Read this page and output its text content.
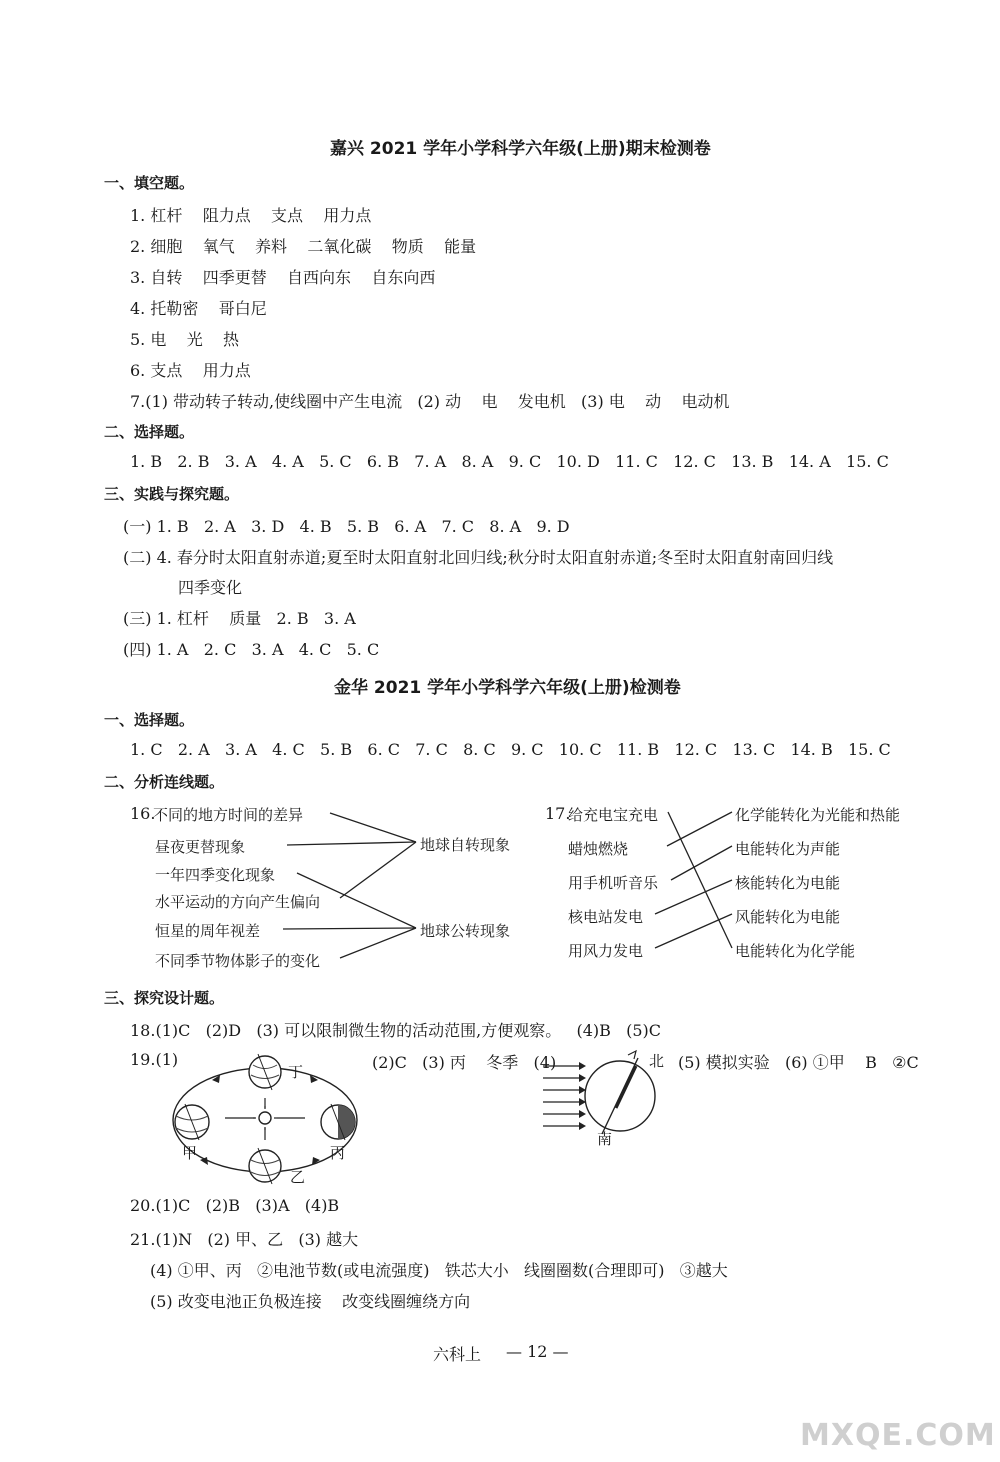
嘉兴 2021 学年小学科学六年级(上册)期末检测卷
一、填空题。
1. 杠杆    阻力点    支点    用力点
2. 细胞    氧气    养料    二氧化碳    物质    能量
3. 自转    四季更替    自西向东    自东向西
4. 托勒密    哥白尼
5. 电    光    热
6. 支点    用力点
7.(1) 带动转子转动,使线圈中产生电流   (2) 动    电    发电机   (3) 电    动    电动机
二、选择题。
1. B   2. B   3. A   4. A   5. C   6. B   7. A   8. A   9. C   10. D   11. C   12. C   13. B   14. A   15. C
三、实践与探究题。
(一) 1. B   2. A   3. D   4. B   5. B   6. A   7. C   8. A   9. D
(二) 4. 春分时太阳直射赤道;夏至时太阳直射北回归线;秋分时太阳直射赤道;冬至时太阳直射南回归线
四季变化
(三) 1. 杠杆    质量   2. B   3. A
(四) 1. A   2. C   3. A   4. C   5. C
金华 2021 学年小学科学六年级(上册)检测卷
一、选择题。
1. C   2. A   3. A   4. C   5. B   6. C   7. C   8. C   9. C   10. C   11. B   12. C   13. C   14. B   15. C
二、分析连线题。
16.
不同的地方时间的差异
昼夜更替现象
一年四季变化现象
水平运动的方向产生偏向
恒星的周年视差
不同季节物体影子的变化
地球自转现象
地球公转现象
17.
给充电宝充电
蜡烛燃烧
用手机听音乐
核电站发电
用风力发电
化学能转化为光能和热能
电能转化为声能
核能转化为电能
风能转化为电能
电能转化为化学能
三、探究设计题。
18.(1)C   (2)D   (3) 可以限制微生物的活动范围,方便观察。   (4)B   (5)C
19.(1)	(2)C   (3) 丙    冬季   (4)	(5) 模拟实验   (6) ①甲    B   ②C
丁
甲
乙
丙
北
南
20.(1)C   (2)B   (3)A   (4)B
21.(1)N   (2) 甲、乙   (3) 越大
(4) ①甲、丙   ②电池节数(或电流强度)   铁芯大小   线圈圈数(合理即可)   ③越大
(5) 改变电池正负极连接    改变线圈缠绕方向
六科上 — 12 —
MXQE.COM
